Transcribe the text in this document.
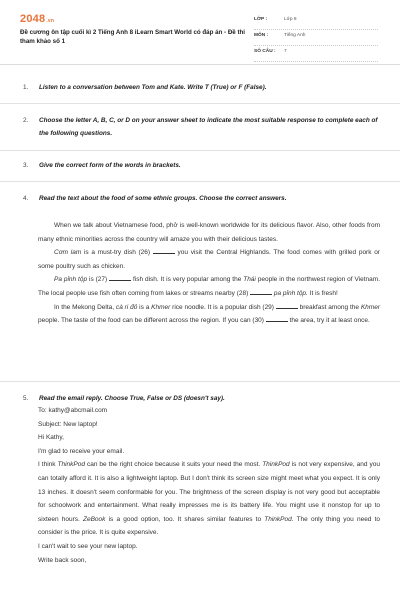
2048.vn
Đề cương ôn tập cuối kì 2 Tiếng Anh 8 iLearn Smart World có đáp án - Đề thi tham khảo số 1
LỚP :	Lớp 8
MÔN :	Tiếng Anh
SỐ CÂU : 7
1. Listen to a conversation between Tom and Kate. Write T (True) or F (False).
2. Choose the letter A, B, C, or D on your answer sheet to indicate the most suitable response to complete each of the following questions.
3. Give the correct form of the words in brackets.
4. Read the text about the food of some ethnic groups. Choose the correct answers.

When we talk about Vietnamese food, phở is well-known worldwide for its delicious flavor. Also, other foods from many ethnic minorities across the country will amaze you with their delicious tastes.

Cơm lam is a must-try dish (26)	you visit the Central Highlands. The food comes with grilled pork or some poultry such as chicken.

Pa pỉnh tộp is (27)	fish dish. It is very popular among the Thái people in the northwest region of Vietnam. The local people use fish often coming from lakes or streams nearby (28)	pa pỉnh tộp. It is fresh!

In the Mekong Delta, cà ri đỏ is a Khmer rice noodle. It is a popular dish (29)	breakfast among the Khmer people. The taste of the food can be different across the region. If you can (30)	the area, try it at least once.

5. Read the email reply. Choose True, False or DS (doesn't say).
To: kathy@abcmail.com
Subject: New laptop!
Hi Kathy,
I'm glad to receive your email.
I think ThinkPod can be the right choice because it suits your need the most. ThinkPod is not very expensive, and you can totally afford it. It is also a lightweight laptop. But I don't think its screen size might meet what you expect. It is only 13 inches. It doesn't seem conformable for you. The brightness of the screen display is not very good but acceptable for schoolwork and entertainment. What really impresses me is its battery life. You might use it nonstop for up to sixteen hours. ZeBook is a good option, too. It shares similar features to ThinkPod. The only thing you need to consider is the price. It is quite expensive.
I can't wait to see your new laptop.
Write back soon,
